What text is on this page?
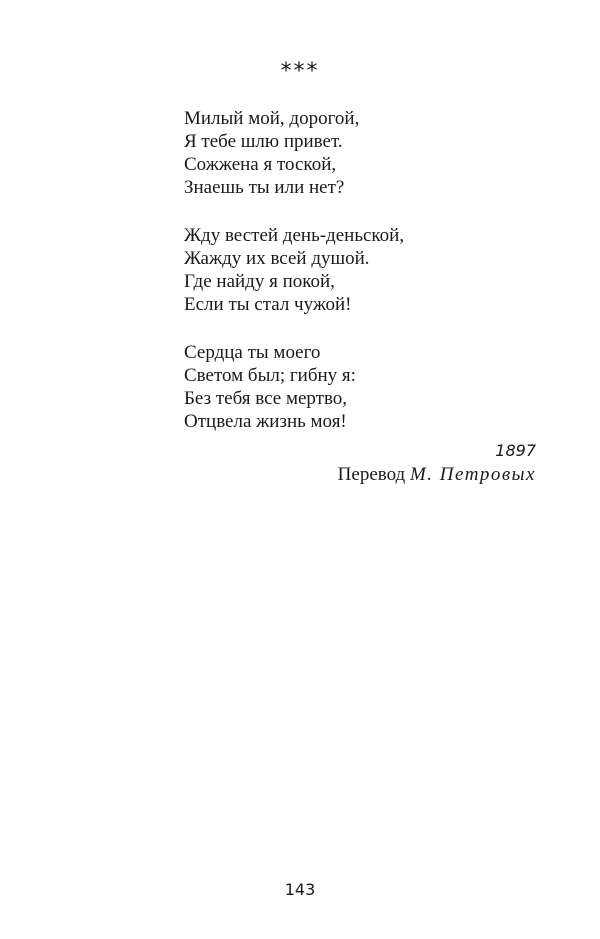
***
Милый мой, дорогой,
Я тебе шлю привет.
Сожжена я тоской,
Знаешь ты или нет?
Жду вестей день-деньской,
Жажду их всей душой.
Где найду я покой,
Если ты стал чужой!
Сердца ты моего
Светом был; гибну я:
Без тебя все мертво,
Отцвела жизнь моя!
1897
Перевод М. Петровых
143
